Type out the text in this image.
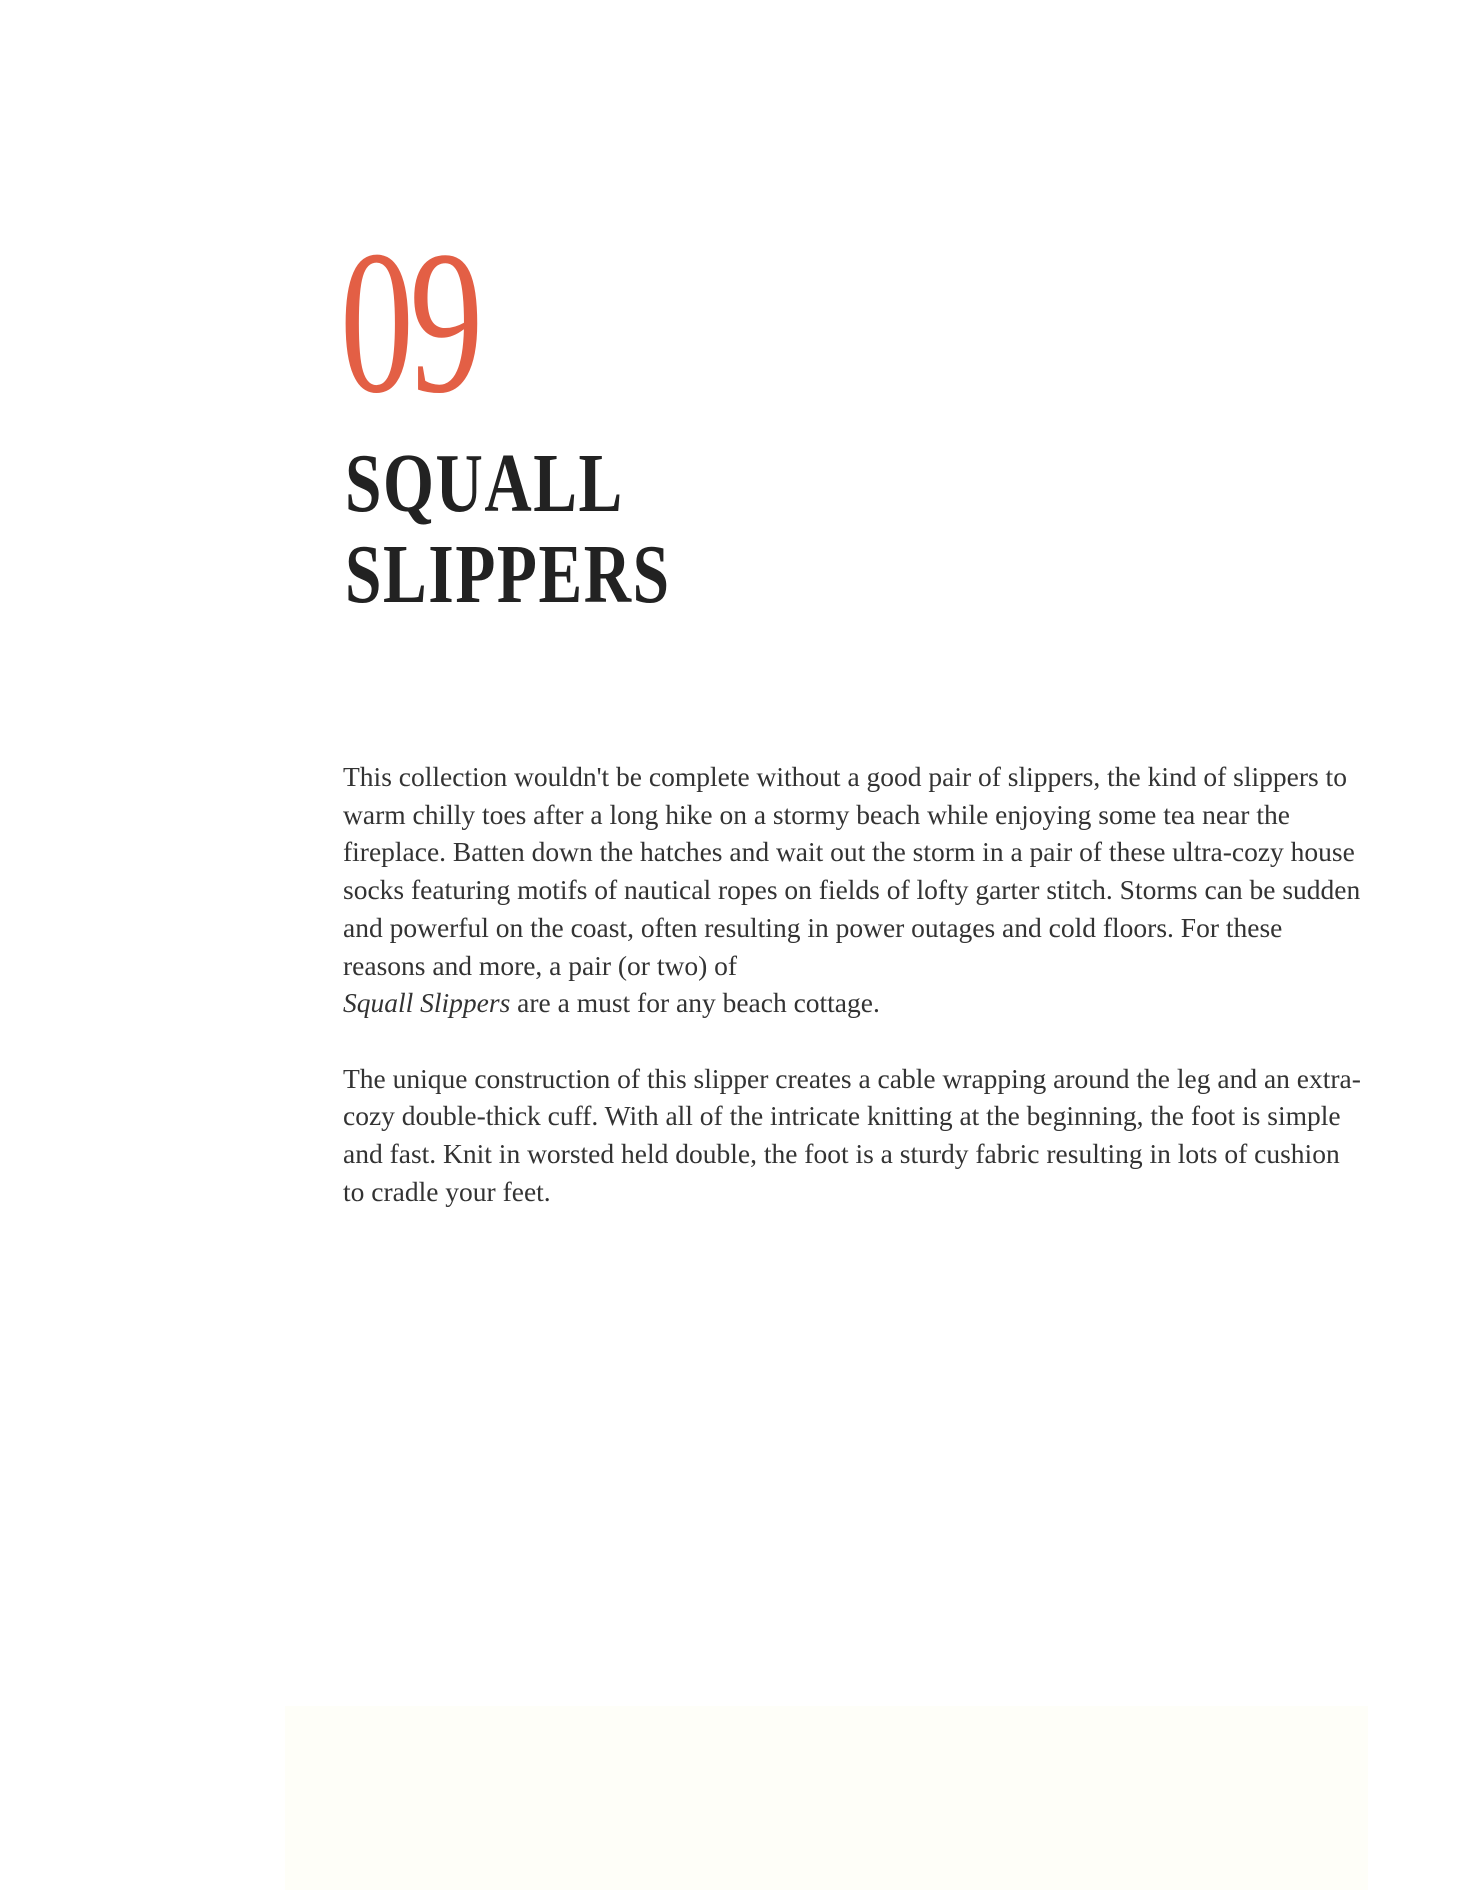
09
SQUALL
SLIPPERS

This collection wouldn't be complete without a good pair of slippers, the kind of slippers to warm chilly toes after a long hike on a stormy beach while enjoying some tea near the fireplace. Batten down the hatches and wait out the storm in a pair of these ultra-cozy house socks featuring motifs of nautical ropes on fields of lofty garter stitch. Storms can be sudden and powerful on the coast, often resulting in power outages and cold floors. For these reasons and more, a pair (or two) of
Squall Slippers are a must for any beach cottage.

The unique construction of this slipper creates a cable wrapping around the leg and an extra-cozy double-thick cuff. With all of the intricate knitting at the beginning, the foot is simple and fast. Knit in worsted held double, the foot is a sturdy fabric resulting in lots of cushion to cradle your feet.
